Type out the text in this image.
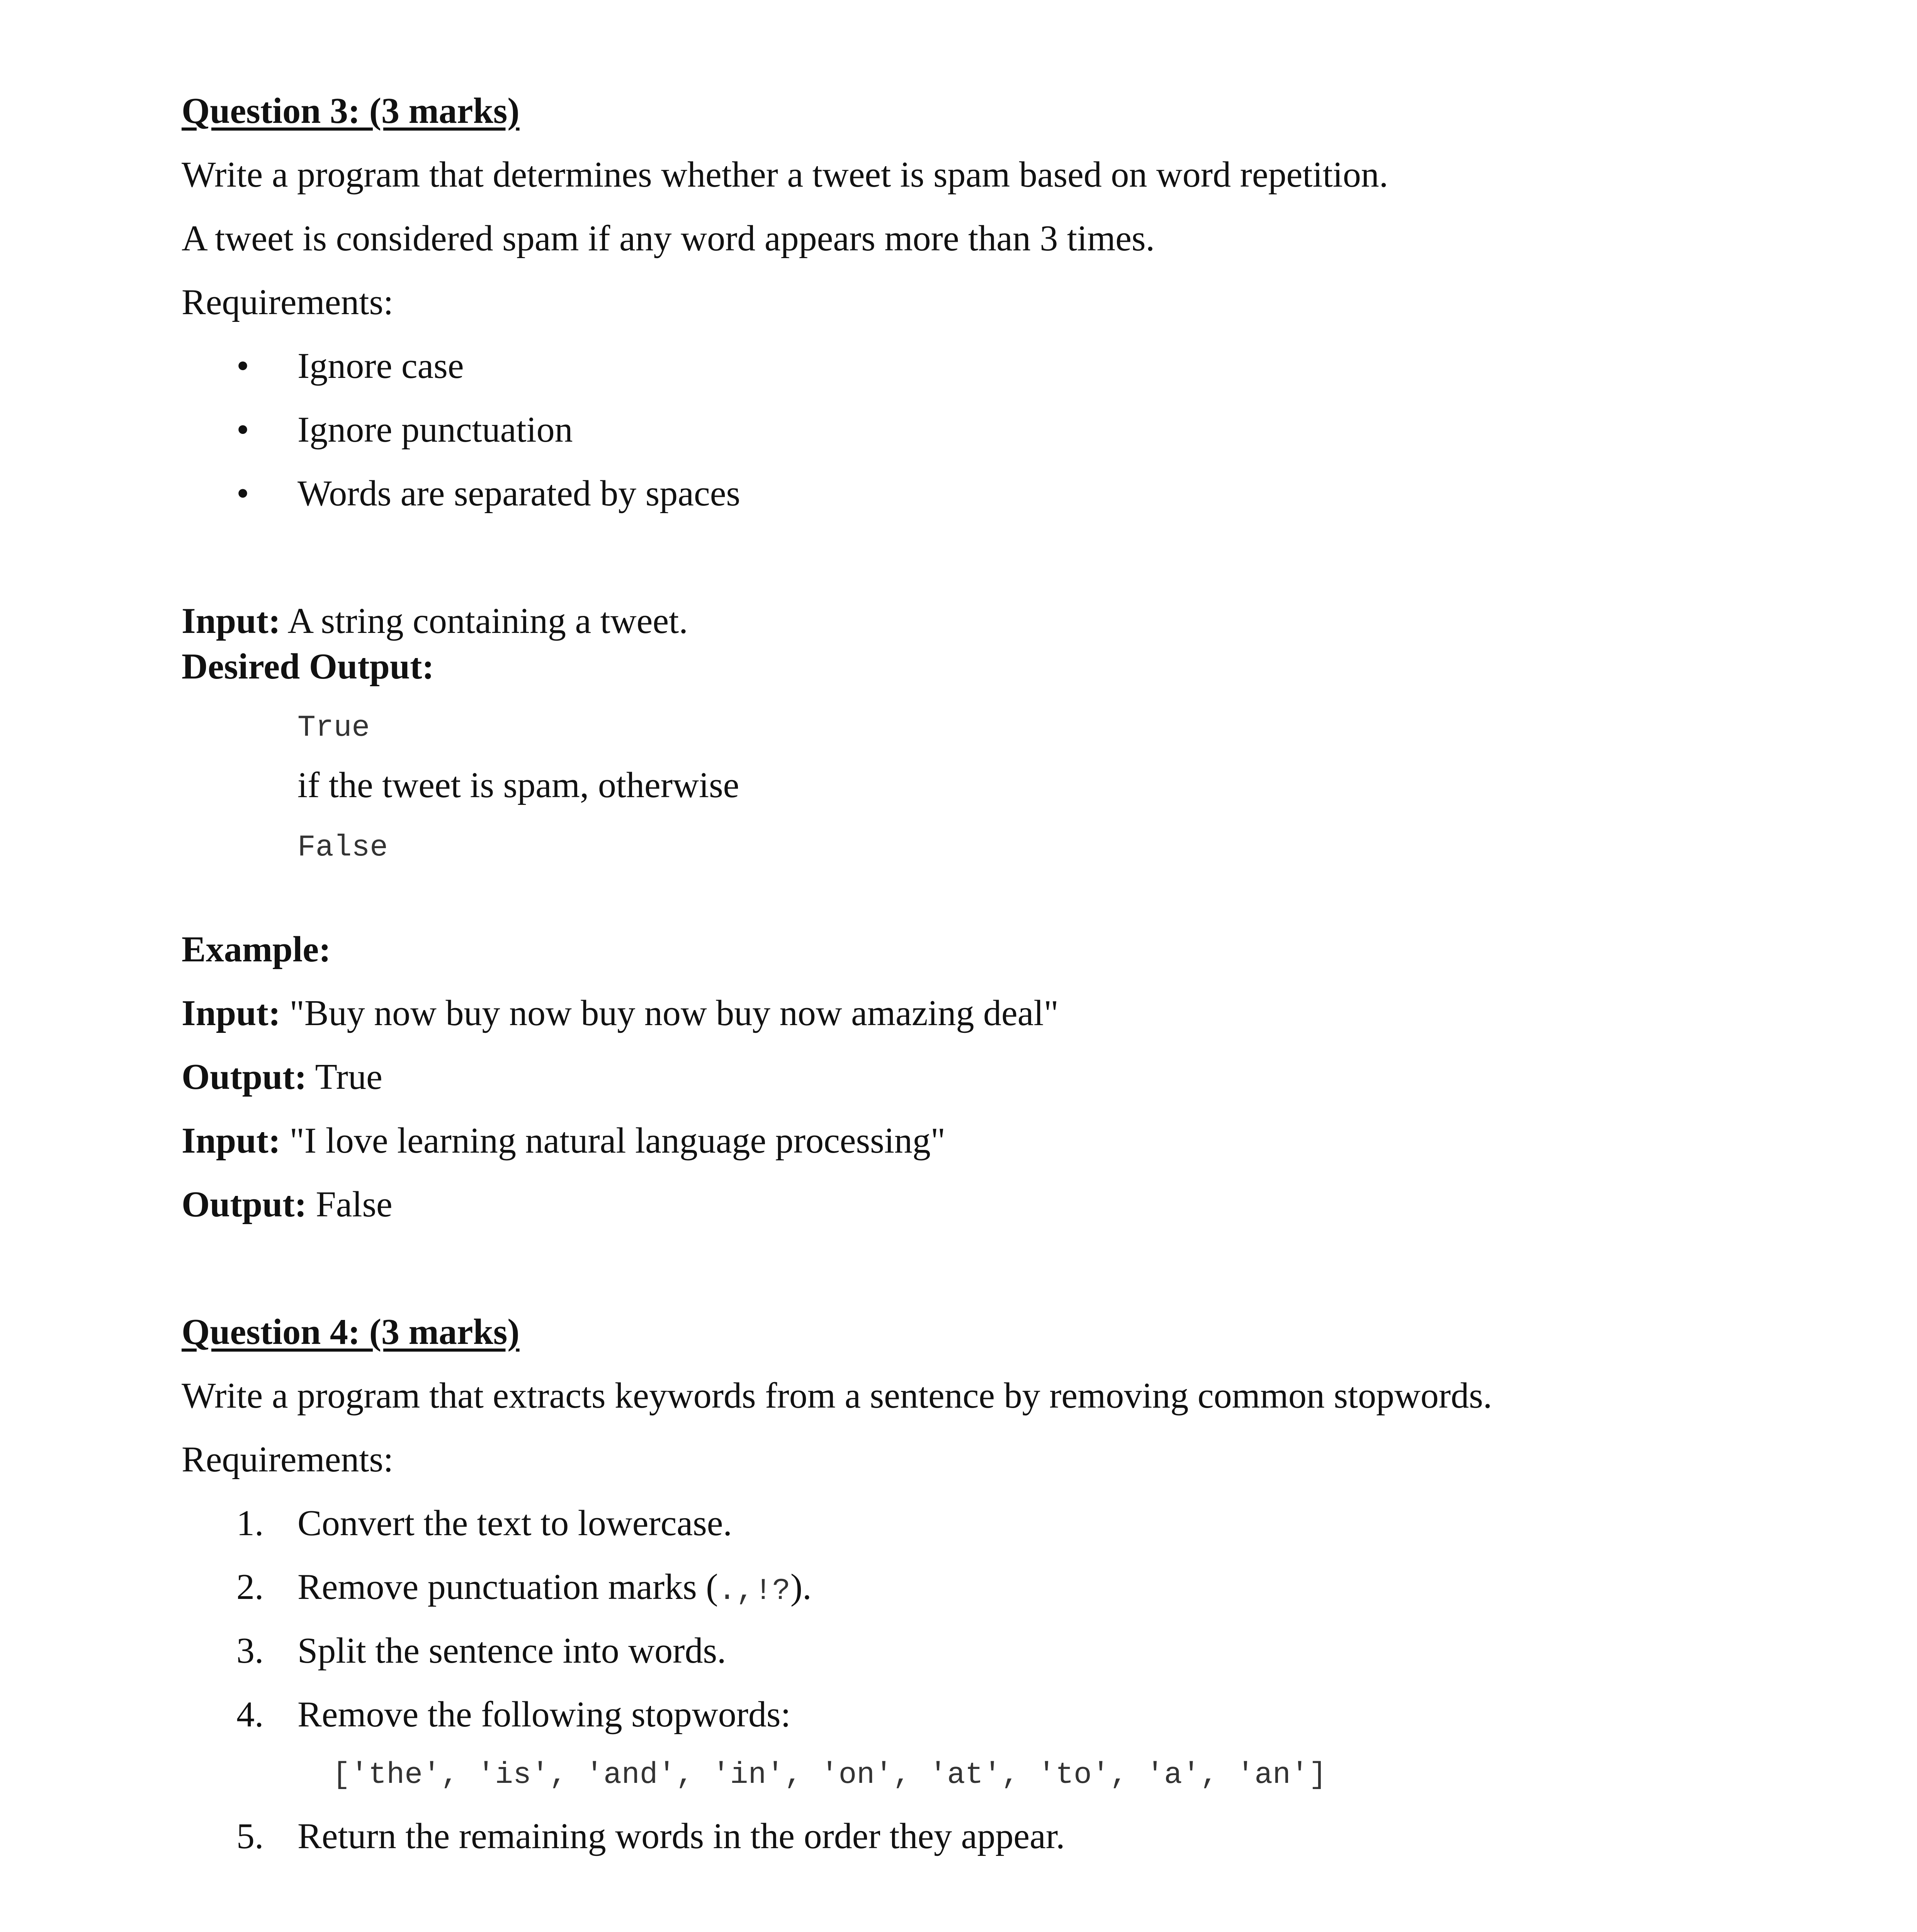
Question 3: (3 marks)
Write a program that determines whether a tweet is spam based on word repetition.
A tweet is considered spam if any word appears more than 3 times.
Requirements:
• Ignore case
• Ignore punctuation
• Words are separated by spaces
Input: A string containing a tweet.
Desired Output:
True
if the tweet is spam, otherwise
False
Example:
Input: "Buy now buy now buy now buy now amazing deal"
Output: True
Input: "I love learning natural language processing"
Output: False
Question 4: (3 marks)
Write a program that extracts keywords from a sentence by removing common stopwords.
Requirements:
1. Convert the text to lowercase.
2. Remove punctuation marks (.,!?).
3. Split the sentence into words.
4. Remove the following stopwords:
['the', 'is', 'and', 'in', 'on', 'at', 'to', 'a', 'an']
5. Return the remaining words in the order they appear.
